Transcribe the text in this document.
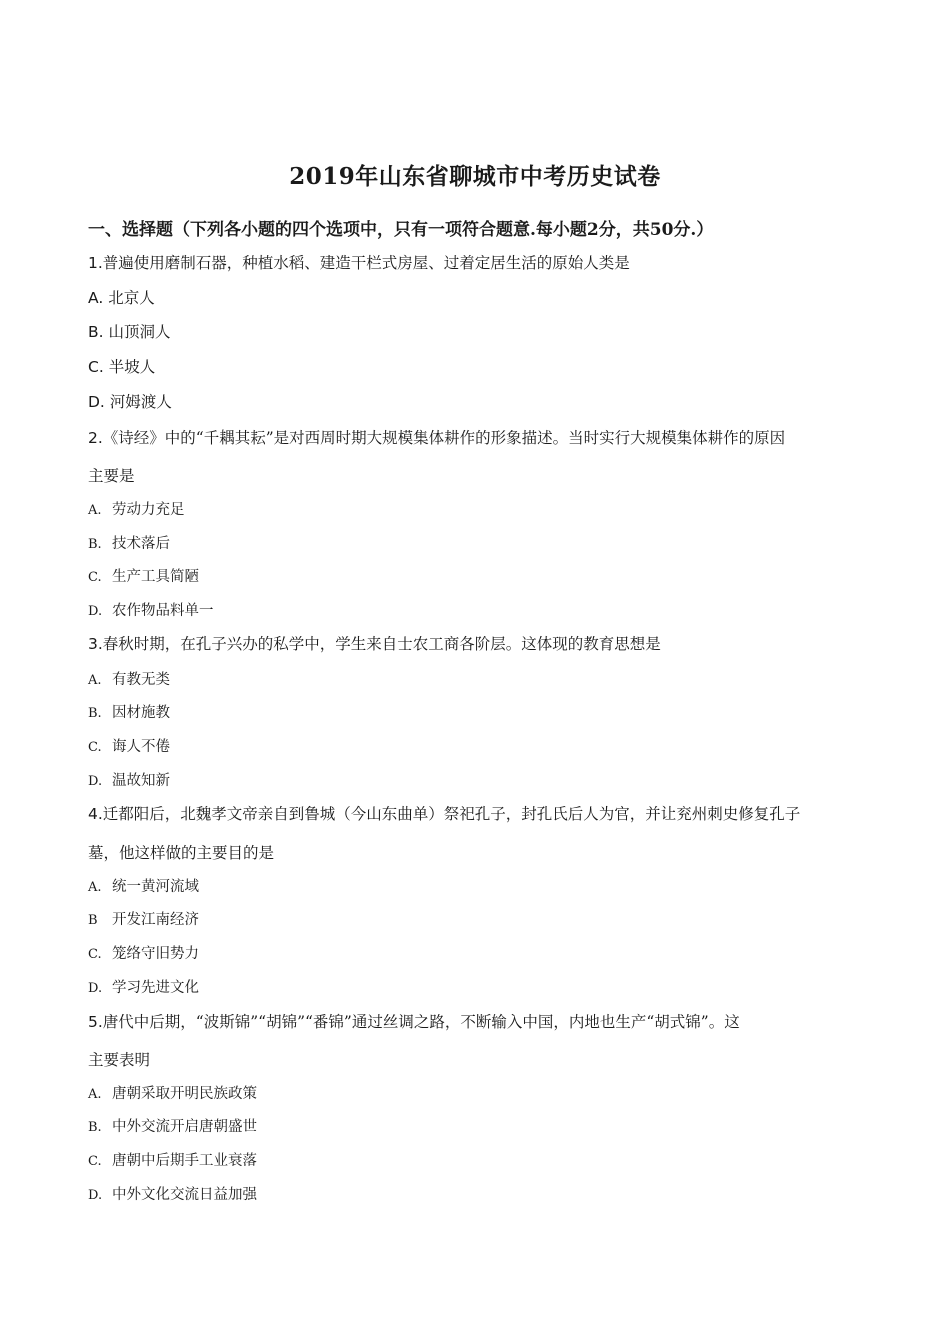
2019年山东省聊城市中考历史试卷
一、选择题（下列各小题的四个选项中，只有一项符合题意.每小题2分，共50分.）
1.普遍使用磨制石器，种植水稻、建造干栏式房屋、过着定居生活的原始人类是
A. 北京人
B. 山顶洞人
C. 半坡人
D. 河姆渡人
2.《诗经》中的“千耦其耘”是对西周时期大规模集体耕作的形象描述。当时实行大规模集体耕作的原因
主要是
A. 劳动力充足
B. 技术落后
C. 生产工具简陋
D. 农作物品料单一
3.春秋时期，在孔子兴办的私学中，学生来自士农工商各阶层。这体现的教育思想是
A. 有教无类
B. 因材施教
C. 诲人不倦
D. 温故知新
4.迁都阳后，北魏孝文帝亲自到鲁城（今山东曲单）祭祀孔子，封孔氏后人为官，并让兖州刺史修复孔子
墓，他这样做的主要目的是
A. 统一黄河流域
B 开发江南经济
C. 笼络守旧势力
D. 学习先进文化
5.唐代中后期，“波斯锦”“胡锦”“番锦”通过丝调之路，不断输入中国，内地也生产“胡式锦”。这
主要表明
A. 唐朝采取开明民族政策
B. 中外交流开启唐朝盛世
C. 唐朝中后期手工业衰落
D. 中外文化交流日益加强
